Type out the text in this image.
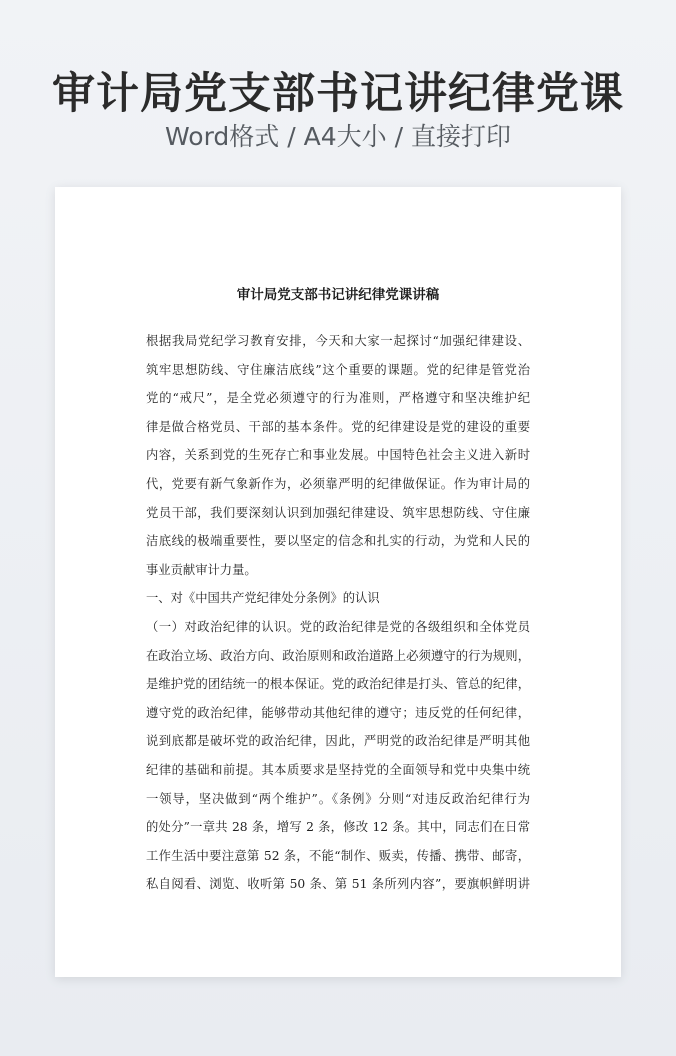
审计局党支部书记讲纪律党课
Word格式 / A4大小 / 直接打印
审计局党支部书记讲纪律党课讲稿
根据我局党纪学习教育安排，今天和大家一起探讨“加强纪律建设、
筑牢思想防线、守住廉洁底线”这个重要的课题。党的纪律是管党治
党的“戒尺”，是全党必须遵守的行为准则，严格遵守和坚决维护纪
律是做合格党员、干部的基本条件。党的纪律建设是党的建设的重要
内容，关系到党的生死存亡和事业发展。中国特色社会主义进入新时
代，党要有新气象新作为，必须靠严明的纪律做保证。作为审计局的
党员干部，我们要深刻认识到加强纪律建设、筑牢思想防线、守住廉
洁底线的极端重要性，要以坚定的信念和扎实的行动，为党和人民的
事业贡献审计力量。
一、对《中国共产党纪律处分条例》的认识
（一）对政治纪律的认识。党的政治纪律是党的各级组织和全体党员
在政治立场、政治方向、政治原则和政治道路上必须遵守的行为规则，
是维护党的团结统一的根本保证。党的政治纪律是打头、管总的纪律，
遵守党的政治纪律，能够带动其他纪律的遵守；违反党的任何纪律，
说到底都是破坏党的政治纪律，因此，严明党的政治纪律是严明其他
纪律的基础和前提。其本质要求是坚持党的全面领导和党中央集中统
一领导，坚决做到“两个维护”。《条例》分则“对违反政治纪律行为
的处分”一章共 28 条，增写 2 条，修改 12 条。其中，同志们在日常
工作生活中要注意第 52 条，不能“制作、贩卖，传播、携带、邮寄，
私自阅看、浏览、收听第 50 条、第 51 条所列内容”，要旗帜鲜明讲
